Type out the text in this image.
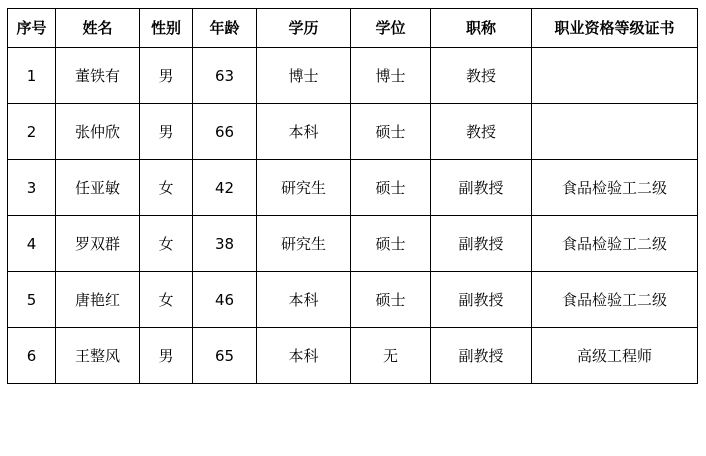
序号	姓名	性别	年龄	学历	学位	职称	职业资格等级证书
1	董铁有	男	63	博士	博士	教授	
2	张仲欣	男	66	本科	硕士	教授	
3	任亚敏	女	42	研究生	硕士	副教授	食品检验工二级
4	罗双群	女	38	研究生	硕士	副教授	食品检验工二级
5	唐艳红	女	46	本科	硕士	副教授	食品检验工二级
6	王整风	男	65	本科	无	副教授	高级工程师
